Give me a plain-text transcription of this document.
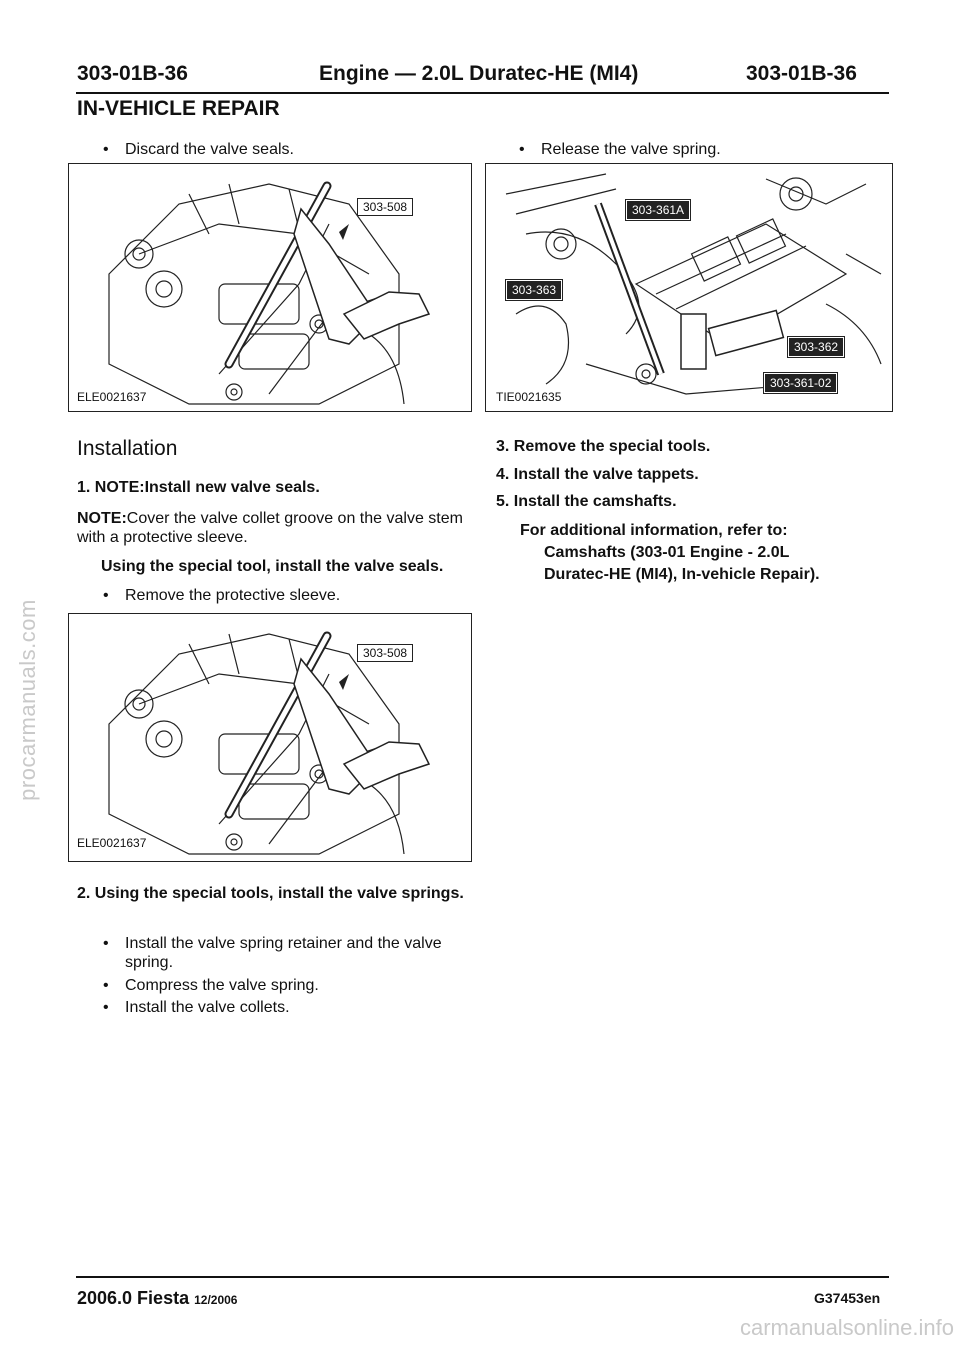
procarmanuals.com
carmanualsonline.info
303-01B-36	Engine — 2.0L Duratec-HE (MI4)	303-01B-36
IN-VEHICLE REPAIR
• Discard the valve seals.
303-508
ELE0021637
• Release the valve spring.
303-361A
303-363
303-362
303-361-02
TIE0021635
Installation
1. NOTE:Install new valve seals.
NOTE:Cover the valve collet groove on the valve stem with a protective sleeve.
Using the special tool, install the valve seals.
• Remove the protective sleeve.
303-508
ELE0021637
2. Using the special tools, install the valve springs.
• Install the valve spring retainer and the valve spring.
• Compress the valve spring.
• Install the valve collets.
3. Remove the special tools.
4. Install the valve tappets.
5. Install the camshafts.
For additional information, refer to:
Camshafts (303-01 Engine - 2.0L
Duratec-HE (MI4), In-vehicle Repair).
2006.0 Fiesta 12/2006	G37453en
